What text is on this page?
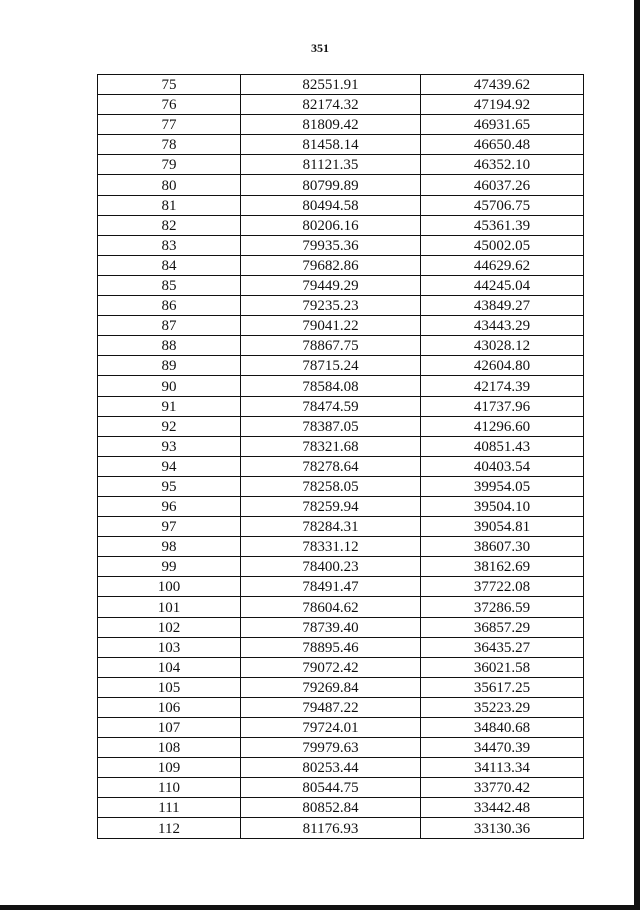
351
75	82551.91	47439.62
76	82174.32	47194.92
77	81809.42	46931.65
78	81458.14	46650.48
79	81121.35	46352.10
80	80799.89	46037.26
81	80494.58	45706.75
82	80206.16	45361.39
83	79935.36	45002.05
84	79682.86	44629.62
85	79449.29	44245.04
86	79235.23	43849.27
87	79041.22	43443.29
88	78867.75	43028.12
89	78715.24	42604.80
90	78584.08	42174.39
91	78474.59	41737.96
92	78387.05	41296.60
93	78321.68	40851.43
94	78278.64	40403.54
95	78258.05	39954.05
96	78259.94	39504.10
97	78284.31	39054.81
98	78331.12	38607.30
99	78400.23	38162.69
100	78491.47	37722.08
101	78604.62	37286.59
102	78739.40	36857.29
103	78895.46	36435.27
104	79072.42	36021.58
105	79269.84	35617.25
106	79487.22	35223.29
107	79724.01	34840.68
108	79979.63	34470.39
109	80253.44	34113.34
110	80544.75	33770.42
111	80852.84	33442.48
112	81176.93	33130.36
